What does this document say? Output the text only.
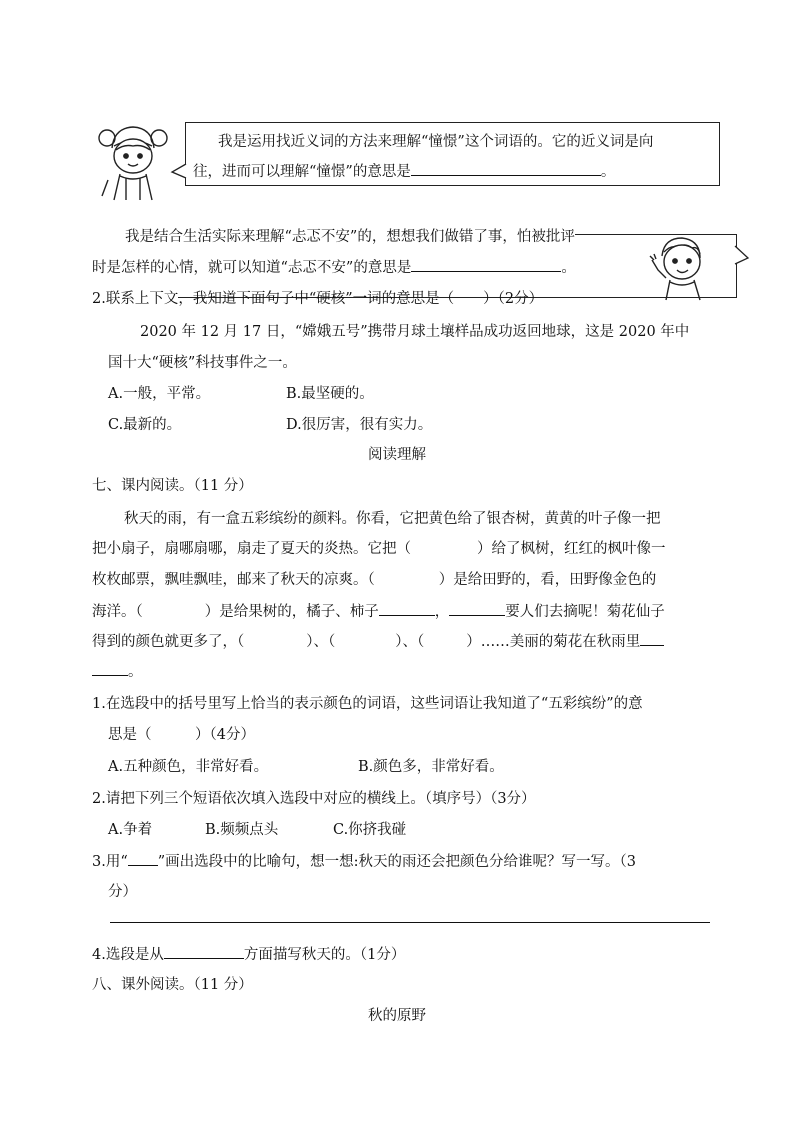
我是运用找近义词的方法来理解“憧憬”这个词语的。它的近义词是向
往，进而可以理解“憧憬”的意思是	。
我是结合生活实际来理解“忐忑不安”的，想想我们做错了事，怕被批评
时是怎样的心情，就可以知道“忐忑不安”的意思是	。
2.联系上下文，我知道下面句子中“硬核”一词的意思是（　　）（2分）
2020 年 12 月 17 日，“嫦娥五号”携带月球土壤样品成功返回地球，这是 2020 年中
国十大“硬核”科技事件之一。
A.一般，平常。	B.最坚硬的。
C.最新的。	D.很厉害，很有实力。
阅读理解
七、课内阅读。（11 分）
秋天的雨，有一盒五彩缤纷的颜料。你看，它把黄色给了银杏树，黄黄的叶子像一把
把小扇子，扇哪扇哪，扇走了夏天的炎热。它把（	）给了枫树，红红的枫叶像一
枚枚邮票，飘哇飘哇，邮来了秋天的凉爽。（	）是给田野的，看，田野像金色的
海洋。（	）是给果树的，橘子、柿子	，	要人们去摘呢！菊花仙子
得到的颜色就更多了，（	）、（	）、（	）……美丽的菊花在秋雨里
。
1.在选段中的括号里写上恰当的表示颜色的词语，这些词语让我知道了“五彩缤纷”的意
思是（　　　）（4分）
A.五种颜色，非常好看。	B.颜色多，非常好看。
2.请把下列三个短语依次填入选段中对应的横线上。（填序号）（3分）
A.争着	B.频频点头	C.你挤我碰
3.用“ ”画出选段中的比喻句，想一想:秋天的雨还会把颜色分给谁呢？写一写。（3
分）
4.选段是从	方面描写秋天的。（1分）
八、课外阅读。（11 分）
秋的原野
